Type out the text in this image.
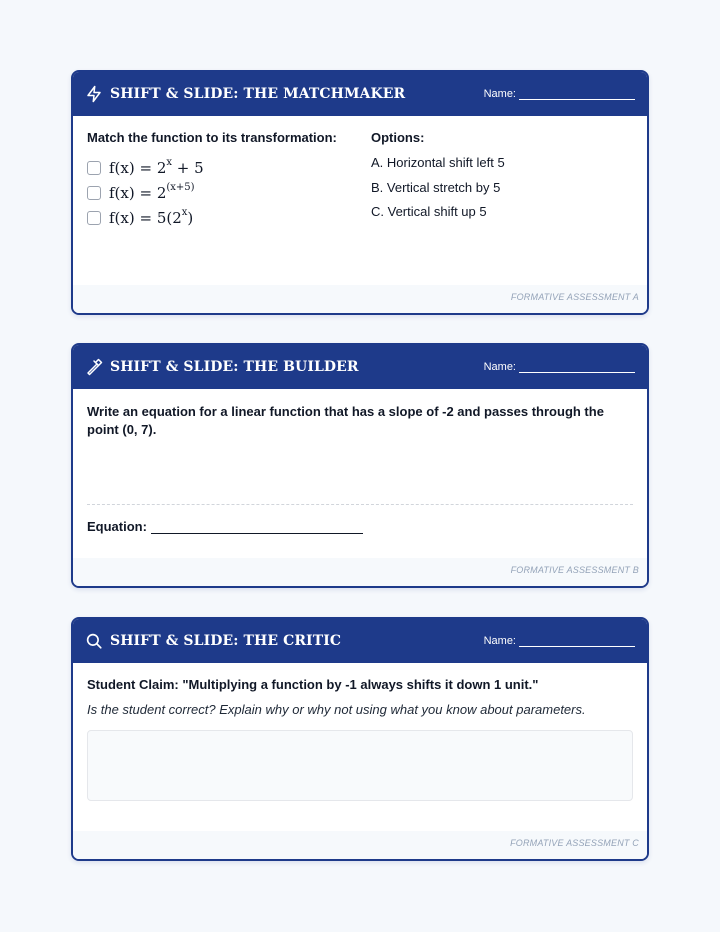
SHIFT & SLIDE: THE MATCHMAKER	Name:
Match the function to its transformation:
$f(x) = 2^x + 5$
$f(x) = 2^{(x+5)}$
$f(x) = 5(2^x)$
Options:
A. Horizontal shift left 5
B. Vertical stretch by 5
C. Vertical shift up 5
FORMATIVE ASSESSMENT A
SHIFT & SLIDE: THE BUILDER	Name:
Write an equation for a linear function that has a slope of -2 and passes through the point (0, 7).
Equation:
FORMATIVE ASSESSMENT B
SHIFT & SLIDE: THE CRITIC	Name:
Student Claim: "Multiplying a function by -1 always shifts it down 1 unit."
Is the student correct? Explain why or why not using what you know about parameters.
FORMATIVE ASSESSMENT C
